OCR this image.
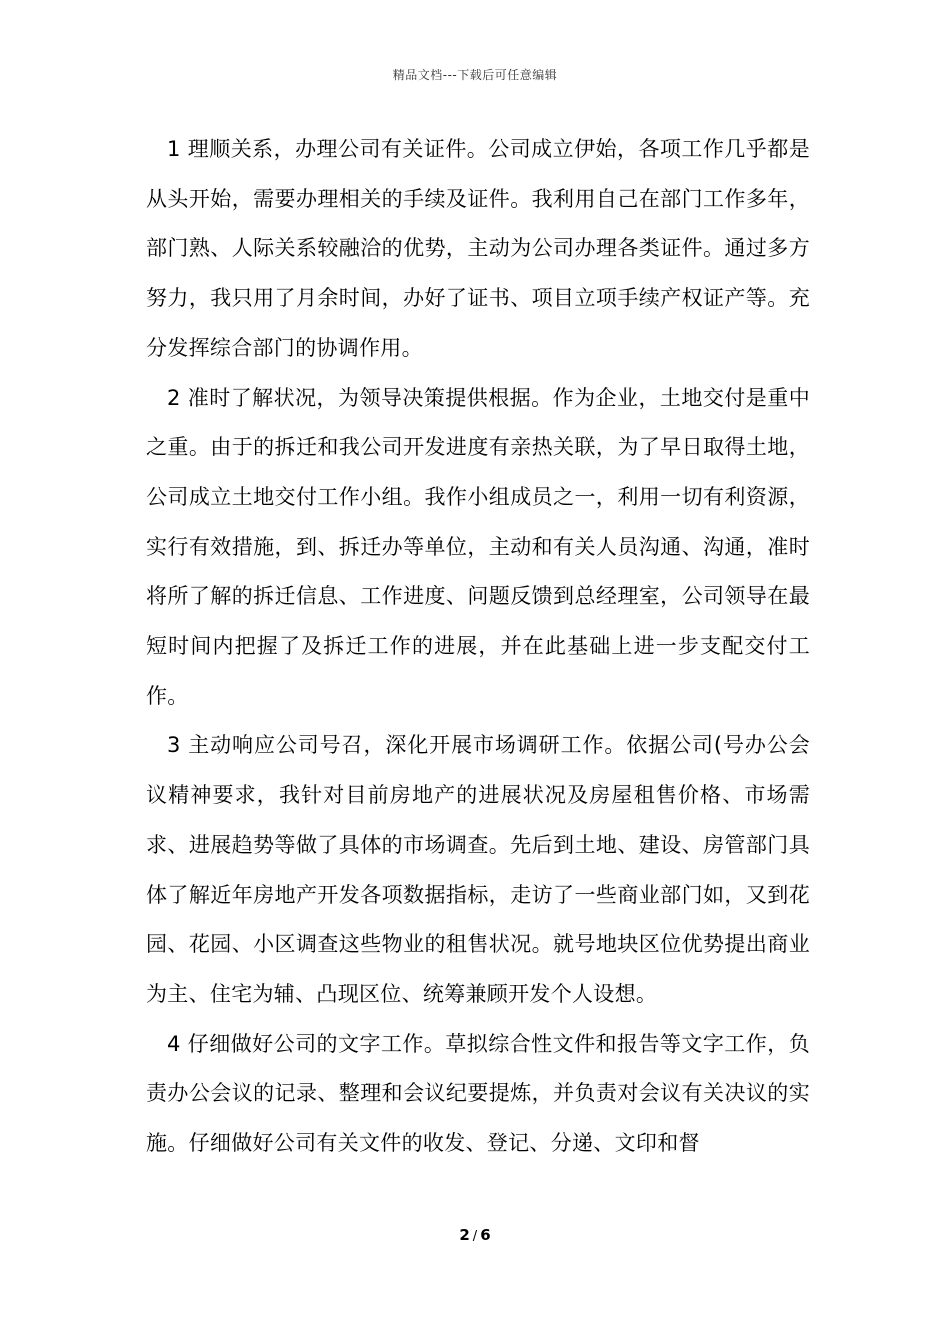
精品文档---下载后可任意编辑

1 理顺关系，办理公司有关证件。公司成立伊始，各项工作几乎都是从头开始，需要办理相关的手续及证件。我利用自己在部门工作多年，部门熟、人际关系较融洽的优势，主动为公司办理各类证件。通过多方努力，我只用了月余时间，办好了证书、项目立项手续产权证产等。充分发挥综合部门的协调作用。

2 准时了解状况，为领导决策提供根据。作为企业，土地交付是重中之重。由于的拆迁和我公司开发进度有亲热关联，为了早日取得土地，公司成立土地交付工作小组。我作小组成员之一，利用一切有利资源，实行有效措施，到、拆迁办等单位，主动和有关人员沟通、沟通，准时将所了解的拆迁信息、工作进度、问题反馈到总经理室，公司领导在最短时间内把握了及拆迁工作的进展，并在此基础上进一步支配交付工作。

3 主动响应公司号召，深化开展市场调研工作。依据公司(号办公会议精神要求，我针对目前房地产的进展状况及房屋租售价格、市场需求、进展趋势等做了具体的市场调查。先后到土地、建设、房管部门具体了解近年房地产开发各项数据指标，走访了一些商业部门如，又到花园、花园、小区调查这些物业的租售状况。就号地块区位优势提出商业为主、住宅为辅、凸现区位、统筹兼顾开发个人设想。

4 仔细做好公司的文字工作。草拟综合性文件和报告等文字工作，负责办公会议的记录、整理和会议纪要提炼，并负责对会议有关决议的实施。仔细做好公司有关文件的收发、登记、分递、文印和督

2 / 6
